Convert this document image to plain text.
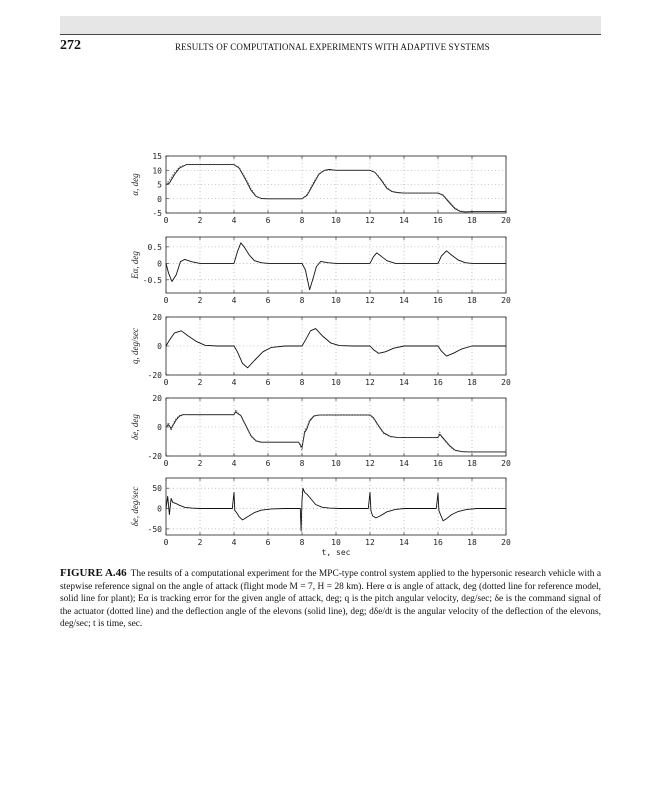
272	RESULTS OF COMPUTATIONAL EXPERIMENTS WITH ADAPTIVE SYSTEMS
0	2	4	6	8	10	12	14	16	18	20
15
10
5
0
-5
α, deg
0	2	4	6	8	10	12	14	16	18	20
0.5
0
-0.5
Eα, deg
0	2	4	6	8	10	12	14	16	18	20
20
0
-20
q, deg/sec
0	2	4	6	8	10	12	14	16	18	20
20
0
-20
δe, deg
0	2	4	6	8	10	12	14	16	18	20
50
0
-50
δe, deg/sec
t, sec
FIGURE A.46 The results of a computational experiment for the MPC-type control system applied to the hypersonic research vehicle with a stepwise reference signal on the angle of attack (flight mode M = 7, H = 28 km). Here α is angle of attack, deg (dotted line for reference model, solid line for plant); Eα is tracking error for the given angle of attack, deg; q is the pitch angular velocity, deg/sec; δe is the command signal of the actuator (dotted line) and the deflection angle of the elevons (solid line), deg; dδe/dt is the angular velocity of the deflection of the elevons, deg/sec; t is time, sec.
